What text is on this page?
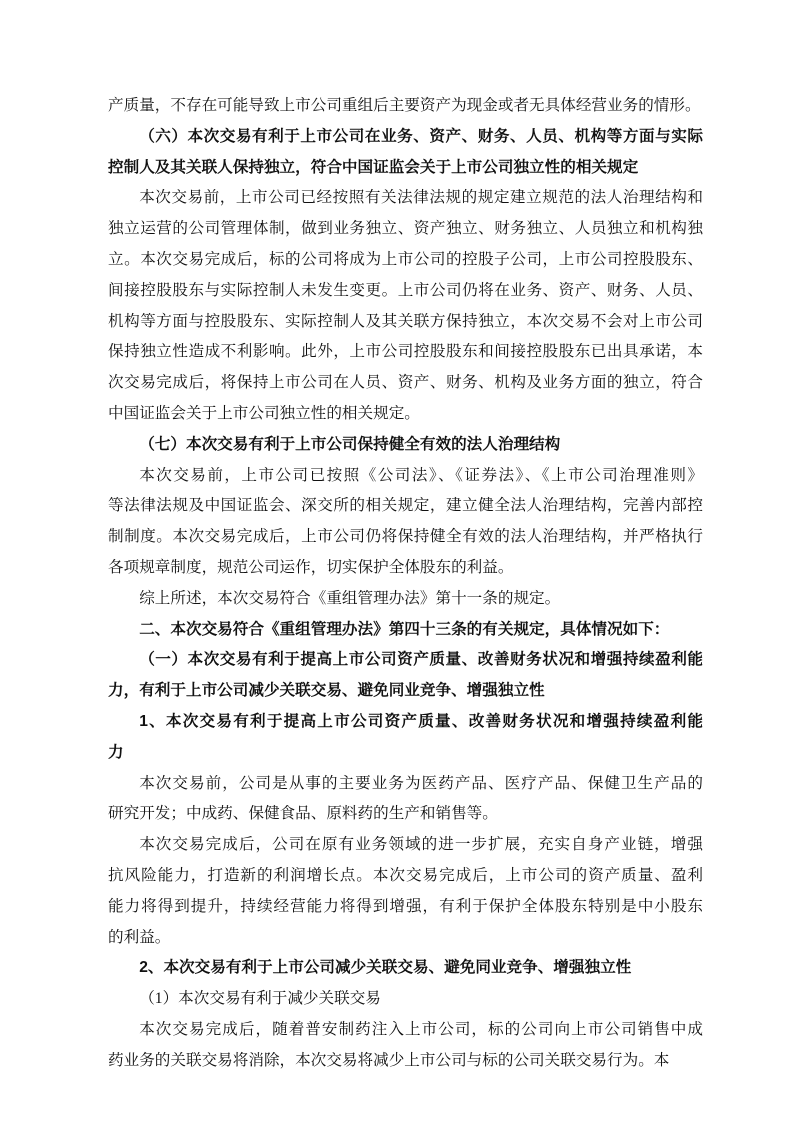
产质量，不存在可能导致上市公司重组后主要资产为现金或者无具体经营业务的情形。
（六）本次交易有利于上市公司在业务、资产、财务、人员、机构等方面与实际
控制人及其关联人保持独立，符合中国证监会关于上市公司独立性的相关规定
本次交易前，上市公司已经按照有关法律法规的规定建立规范的法人治理结构和
独立运营的公司管理体制，做到业务独立、资产独立、财务独立、人员独立和机构独
立。本次交易完成后，标的公司将成为上市公司的控股子公司，上市公司控股股东、
间接控股股东与实际控制人未发生变更。上市公司仍将在业务、资产、财务、人员、
机构等方面与控股股东、实际控制人及其关联方保持独立，本次交易不会对上市公司
保持独立性造成不利影响。此外，上市公司控股股东和间接控股股东已出具承诺，本
次交易完成后，将保持上市公司在人员、资产、财务、机构及业务方面的独立，符合
中国证监会关于上市公司独立性的相关规定。
（七）本次交易有利于上市公司保持健全有效的法人治理结构
本次交易前，上市公司已按照《公司法》、《证券法》、《上市公司治理准则》
等法律法规及中国证监会、深交所的相关规定，建立健全法人治理结构，完善内部控
制制度。本次交易完成后，上市公司仍将保持健全有效的法人治理结构，并严格执行
各项规章制度，规范公司运作，切实保护全体股东的利益。
综上所述，本次交易符合《重组管理办法》第十一条的规定。
二、本次交易符合《重组管理办法》第四十三条的有关规定，具体情况如下：
（一）本次交易有利于提高上市公司资产质量、改善财务状况和增强持续盈利能
力，有利于上市公司减少关联交易、避免同业竞争、增强独立性
1、本次交易有利于提高上市公司资产质量、改善财务状况和增强持续盈利能
力
本次交易前，公司是从事的主要业务为医药产品、医疗产品、保健卫生产品的
研究开发；中成药、保健食品、原料药的生产和销售等。
本次交易完成后，公司在原有业务领域的进一步扩展，充实自身产业链，增强
抗风险能力，打造新的利润增长点。本次交易完成后，上市公司的资产质量、盈利
能力将得到提升，持续经营能力将得到增强，有利于保护全体股东特别是中小股东
的利益。
2、本次交易有利于上市公司减少关联交易、避免同业竞争、增强独立性
（1）本次交易有利于减少关联交易
本次交易完成后，随着普安制药注入上市公司，标的公司向上市公司销售中成
药业务的关联交易将消除，本次交易将减少上市公司与标的公司关联交易行为。本
